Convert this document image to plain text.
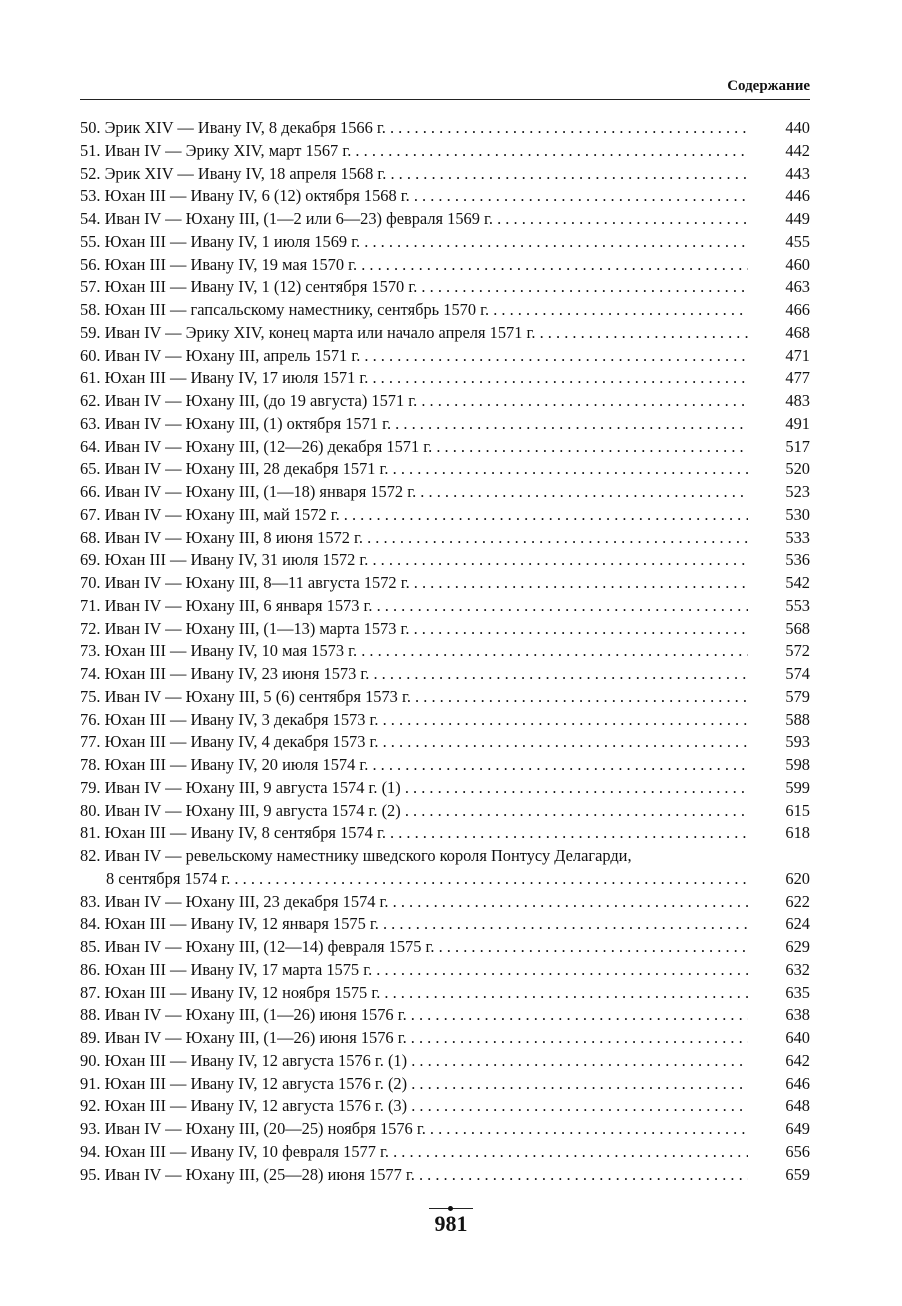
Содержание
50. Эрик XIV — Ивану IV, 8 декабря 1566 г. . . .	440
51. Иван IV — Эрику XIV, март 1567 г. . . .	442
52. Эрик XIV — Ивану IV, 18 апреля 1568 г. . . .	443
53. Юхан III — Ивану IV, 6 (12) октября 1568 г. . . .	446
54. Иван IV — Юхану III, (1—2 или 6—23) февраля 1569 г. . . .	449
55. Юхан III — Ивану IV, 1 июля 1569 г. . . .	455
56. Юхан III — Ивану IV, 19 мая 1570 г. . . .	460
57. Юхан III — Ивану IV, 1 (12) сентября 1570 г. . . .	463
58. Юхан III — гапсальскому наместнику, сентябрь 1570 г. . . .	466
59. Иван IV — Эрику XIV, конец марта или начало апреля 1571 г. . . .	468
60. Иван IV — Юхану III, апрель 1571 г. . . .	471
61. Юхан III — Ивану IV, 17 июля 1571 г. . . .	477
62. Иван IV — Юхану III, (до 19 августа) 1571 г. . . .	483
63. Иван IV — Юхану III, (1) октября 1571 г. . . .	491
64. Иван IV — Юхану III, (12—26) декабря 1571 г. . . .	517
65. Иван IV — Юхану III, 28 декабря 1571 г. . . .	520
66. Иван IV — Юхану III, (1—18) января 1572 г. . . .	523
67. Иван IV — Юхану III, май 1572 г. . . .	530
68. Иван IV — Юхану III, 8 июня 1572 г. . . .	533
69. Юхан III — Ивану IV, 31 июля 1572 г. . . .	536
70. Иван IV — Юхану III, 8—11 августа 1572 г. . . .	542
71. Иван IV — Юхану III, 6 января 1573 г. . . .	553
72. Иван IV — Юхану III, (1—13) марта 1573 г. . . .	568
73. Юхан III — Ивану IV, 10 мая 1573 г. . . .	572
74. Юхан III — Ивану IV, 23 июня 1573 г. . . .	574
75. Иван IV — Юхану III, 5 (6) сентября 1573 г. . . .	579
76. Юхан III — Ивану IV, 3 декабря 1573 г. . . .	588
77. Юхан III — Ивану IV, 4 декабря 1573 г. . . .	593
78. Юхан III — Ивану IV, 20 июля 1574 г. . . .	598
79. Иван IV — Юхану III, 9 августа 1574 г. (1) . . .	599
80. Иван IV — Юхану III, 9 августа 1574 г. (2) . . .	615
81. Юхан III — Ивану IV, 8 сентября 1574 г. . . .	618
82. Иван IV — ревельскому наместнику шведского короля Понтусу Делагарди,
8 сентября 1574 г. . . .	620
83. Иван IV — Юхану III, 23 декабря 1574 г. . . .	622
84. Юхан III — Ивану IV, 12 января 1575 г. . . .	624
85. Иван IV — Юхану III, (12—14) февраля 1575 г. . . .	629
86. Юхан III — Ивану IV, 17 марта 1575 г. . . .	632
87. Юхан III — Ивану IV, 12 ноября 1575 г. . . .	635
88. Иван IV — Юхану III, (1—26) июня 1576 г. . . .	638
89. Иван IV — Юхану III, (1—26) июня 1576 г. . . .	640
90. Юхан III — Ивану IV, 12 августа 1576 г. (1) . . .	642
91. Юхан III — Ивану IV, 12 августа 1576 г. (2) . . .	646
92. Юхан III — Ивану IV, 12 августа 1576 г. (3) . . .	648
93. Иван IV — Юхану III, (20—25) ноября 1576 г. . . .	649
94. Юхан III — Ивану IV, 10 февраля 1577 г. . . .	656
95. Иван IV — Юхану III, (25—28) июня 1577 г. . . .	659
981
